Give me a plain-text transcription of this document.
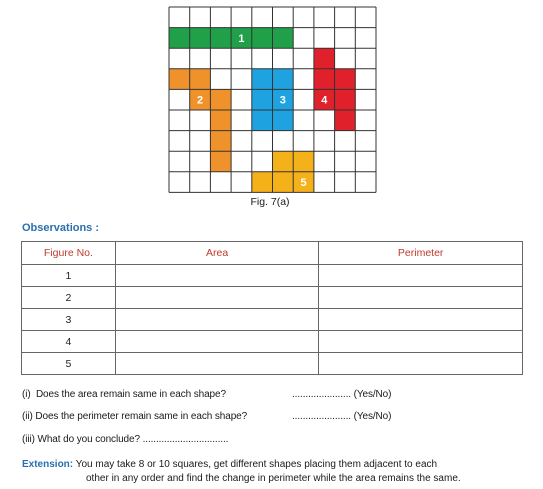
1
2	3	4
5
Fig. 7(a)
Observations :
Figure No.	Area	Perimeter
1		
2		
3		
4		
5		
(i)  Does the area remain same in each shape?	...................... (Yes/No)
(ii) Does the perimeter remain same in each shape?	...................... (Yes/No)
(iii) What do you conclude? ................................
Extension: You may take 8 or 10 squares, get different shapes placing them adjacent to each
other in any order and find the change in perimeter while the area remains the same.
